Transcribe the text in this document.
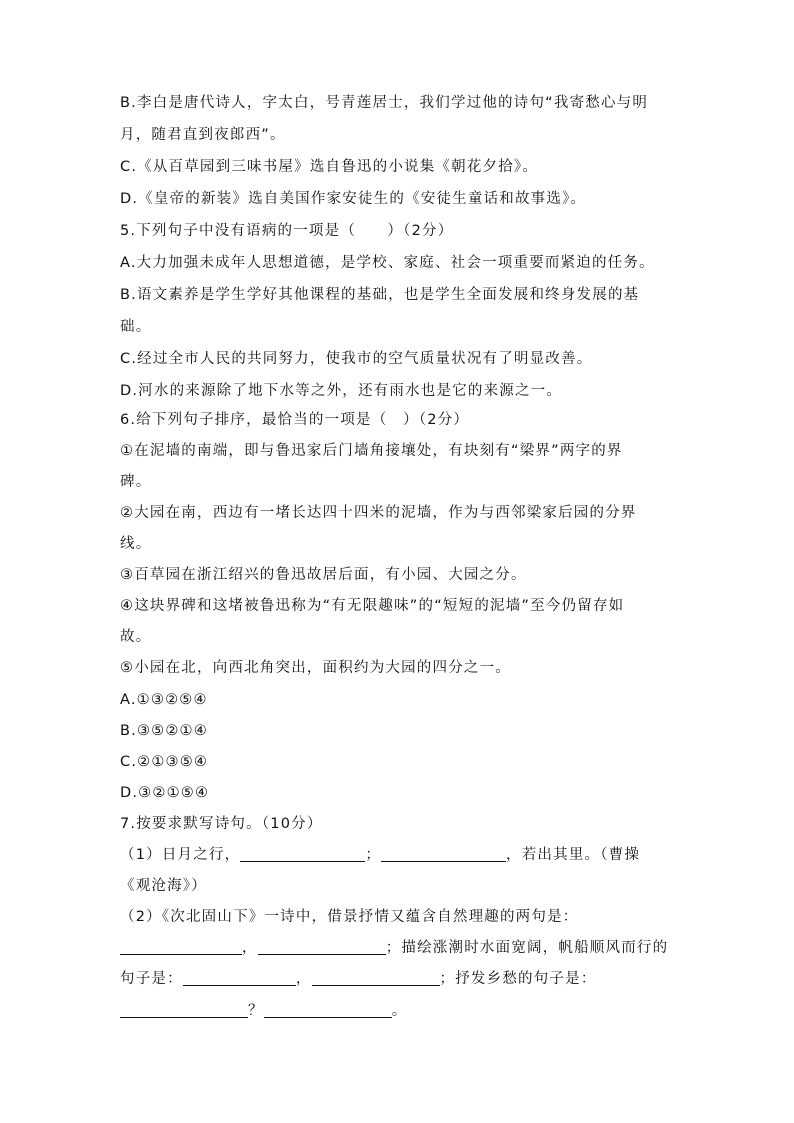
B.李白是唐代诗人，字太白，号青莲居士，我们学过他的诗句“我寄愁心与明
月，随君直到夜郎西”。
C.《从百草园到三味书屋》选自鲁迅的小说集《朝花夕拾》。
D.《皇帝的新装》选自美国作家安徒生的《安徒生童话和故事选》。
5.下列句子中没有语病的一项是（　　）（2分）
A.大力加强未成年人思想道德，是学校、家庭、社会一项重要而紧迫的任务。
B.语文素养是学生学好其他课程的基础，也是学生全面发展和终身发展的基
础。
C.经过全市人民的共同努力，使我市的空气质量状况有了明显改善。
D.河水的来源除了地下水等之外，还有雨水也是它的来源之一。
6.给下列句子排序，最恰当的一项是（　）（2分）
①在泥墙的南端，即与鲁迅家后门墙角接壤处，有块刻有“梁界”两字的界
碑。
②大园在南，西边有一堵长达四十四米的泥墙，作为与西邻梁家后园的分界
线。
③百草园在浙江绍兴的鲁迅故居后面，有小园、大园之分。
④这块界碑和这堵被鲁迅称为“有无限趣味”的“短短的泥墙”至今仍留存如
故。
⑤小园在北，向西北角突出，面积约为大园的四分之一。
A.①③②⑤④
B.③⑤②①④
C.②①③⑤④
D.③②①⑤④
7.按要求默写诗句。（10分）
（1）日月之行，	；	，若出其里。（曹操
《观沧海》）
（2）《次北固山下》一诗中，借景抒情又蕴含自然理趣的两句是：
，	；描绘涨潮时水面宽阔，帆船顺风而行的
句子是：	，	；抒发乡愁的句子是：
？	。
